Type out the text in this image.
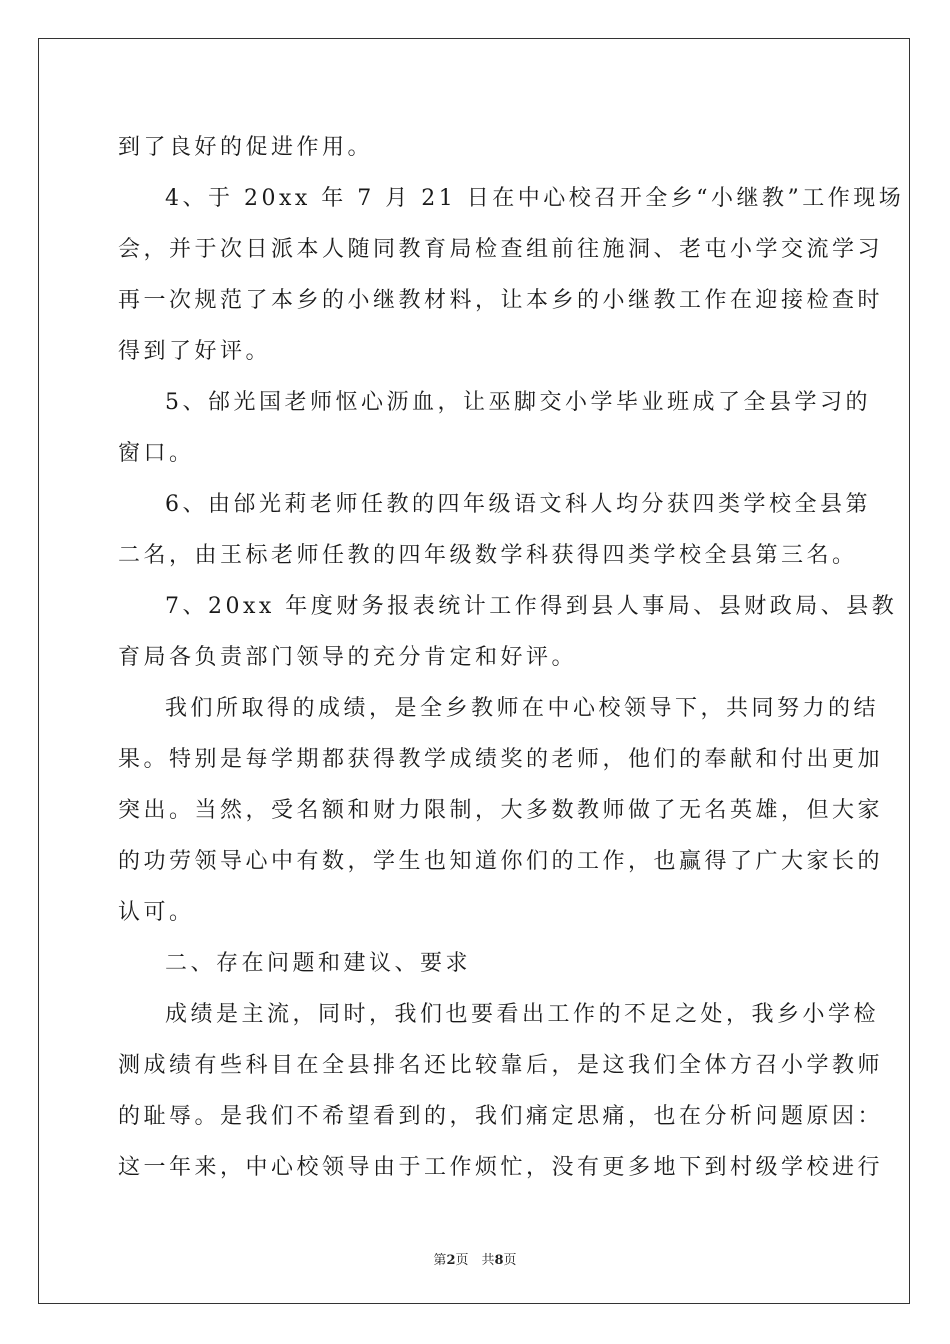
到了良好的促进作用。
4、于 20xx 年 7 月 21 日在中心校召开全乡“小继教”工作现场
会，并于次日派本人随同教育局检查组前往施洞、老屯小学交流学习
再一次规范了本乡的小继教材料，让本乡的小继教工作在迎接检查时
得到了好评。
5、邰光国老师怄心沥血，让巫脚交小学毕业班成了全县学习的
窗口。
6、由邰光莉老师任教的四年级语文科人均分获四类学校全县第
二名，由王标老师任教的四年级数学科获得四类学校全县第三名。
7、20xx 年度财务报表统计工作得到县人事局、县财政局、县教
育局各负责部门领导的充分肯定和好评。
我们所取得的成绩，是全乡教师在中心校领导下，共同努力的结
果。特别是每学期都获得教学成绩奖的老师，他们的奉献和付出更加
突出。当然，受名额和财力限制，大多数教师做了无名英雄，但大家
的功劳领导心中有数，学生也知道你们的工作，也赢得了广大家长的
认可。
二、存在问题和建议、要求
成绩是主流，同时，我们也要看出工作的不足之处，我乡小学检
测成绩有些科目在全县排名还比较靠后，是这我们全体方召小学教师
的耻辱。是我们不希望看到的，我们痛定思痛，也在分析问题原因：
这一年来，中心校领导由于工作烦忙，没有更多地下到村级学校进行
第2页　共8页
